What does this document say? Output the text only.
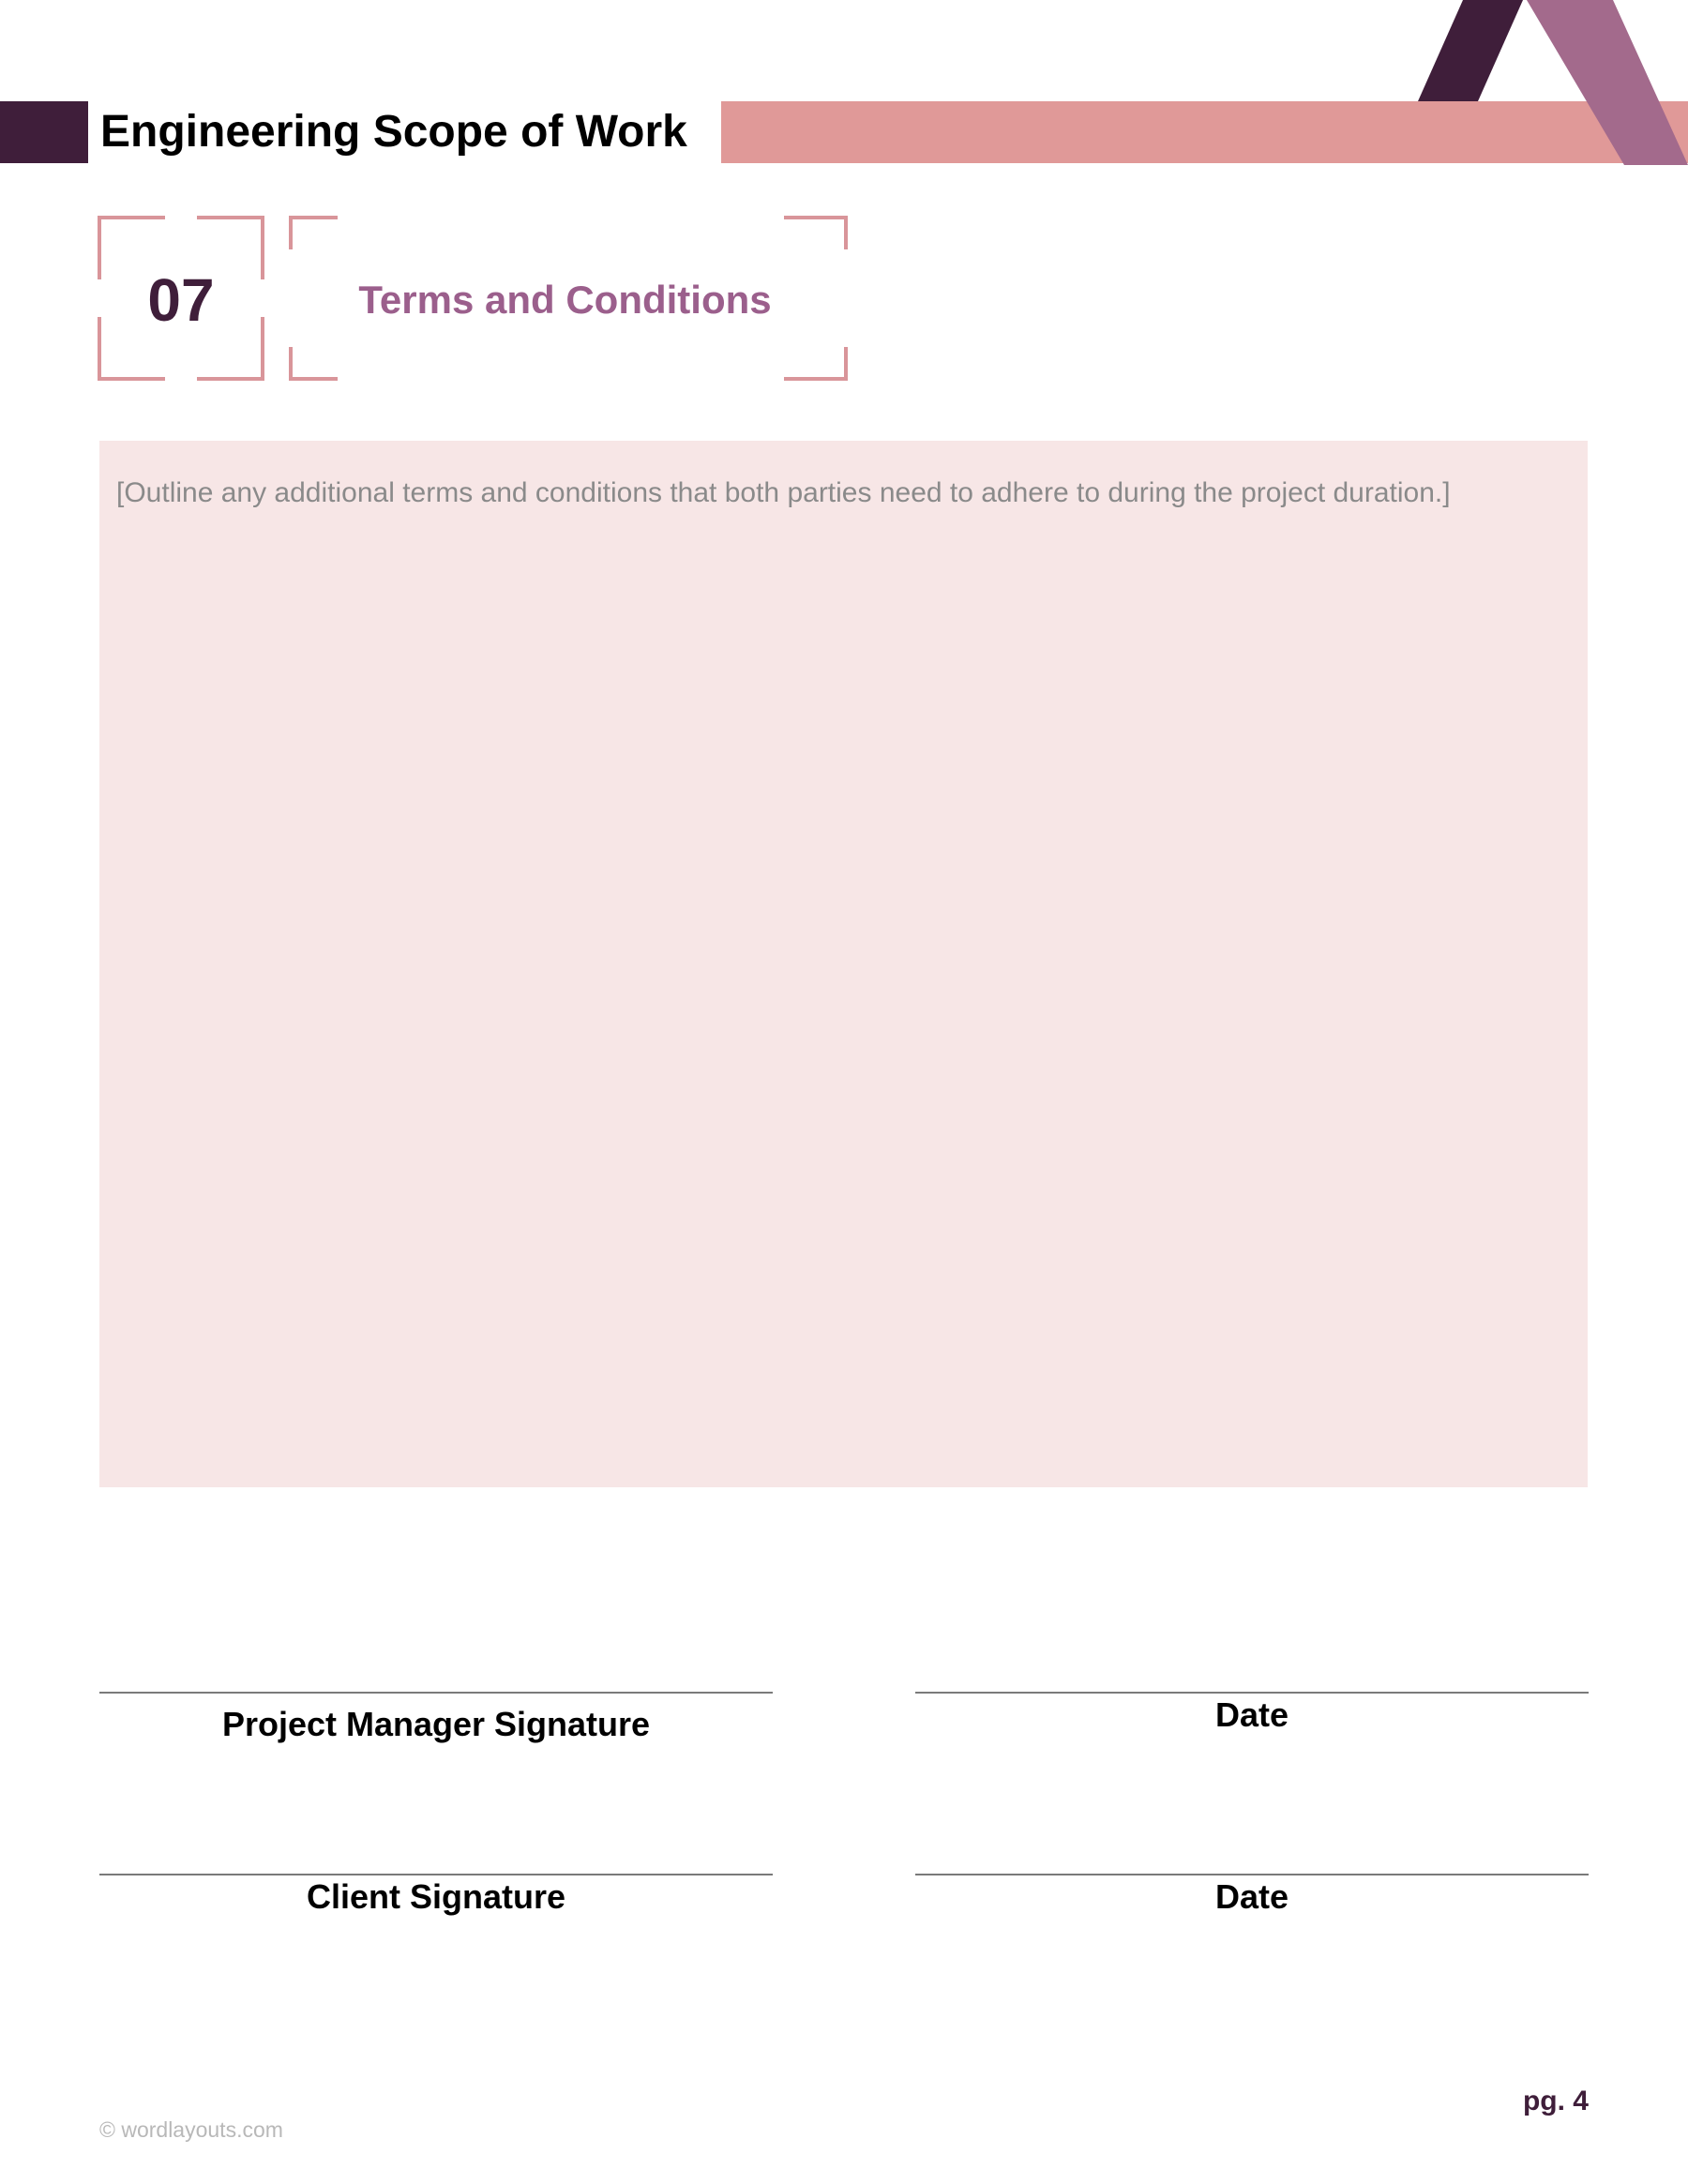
Engineering Scope of Work
07	Terms and Conditions

[Outline any additional terms and conditions that both parties need to adhere to during the project duration.]

Project Manager Signature	Date
Client Signature	Date
© wordlayouts.com
pg. 4
